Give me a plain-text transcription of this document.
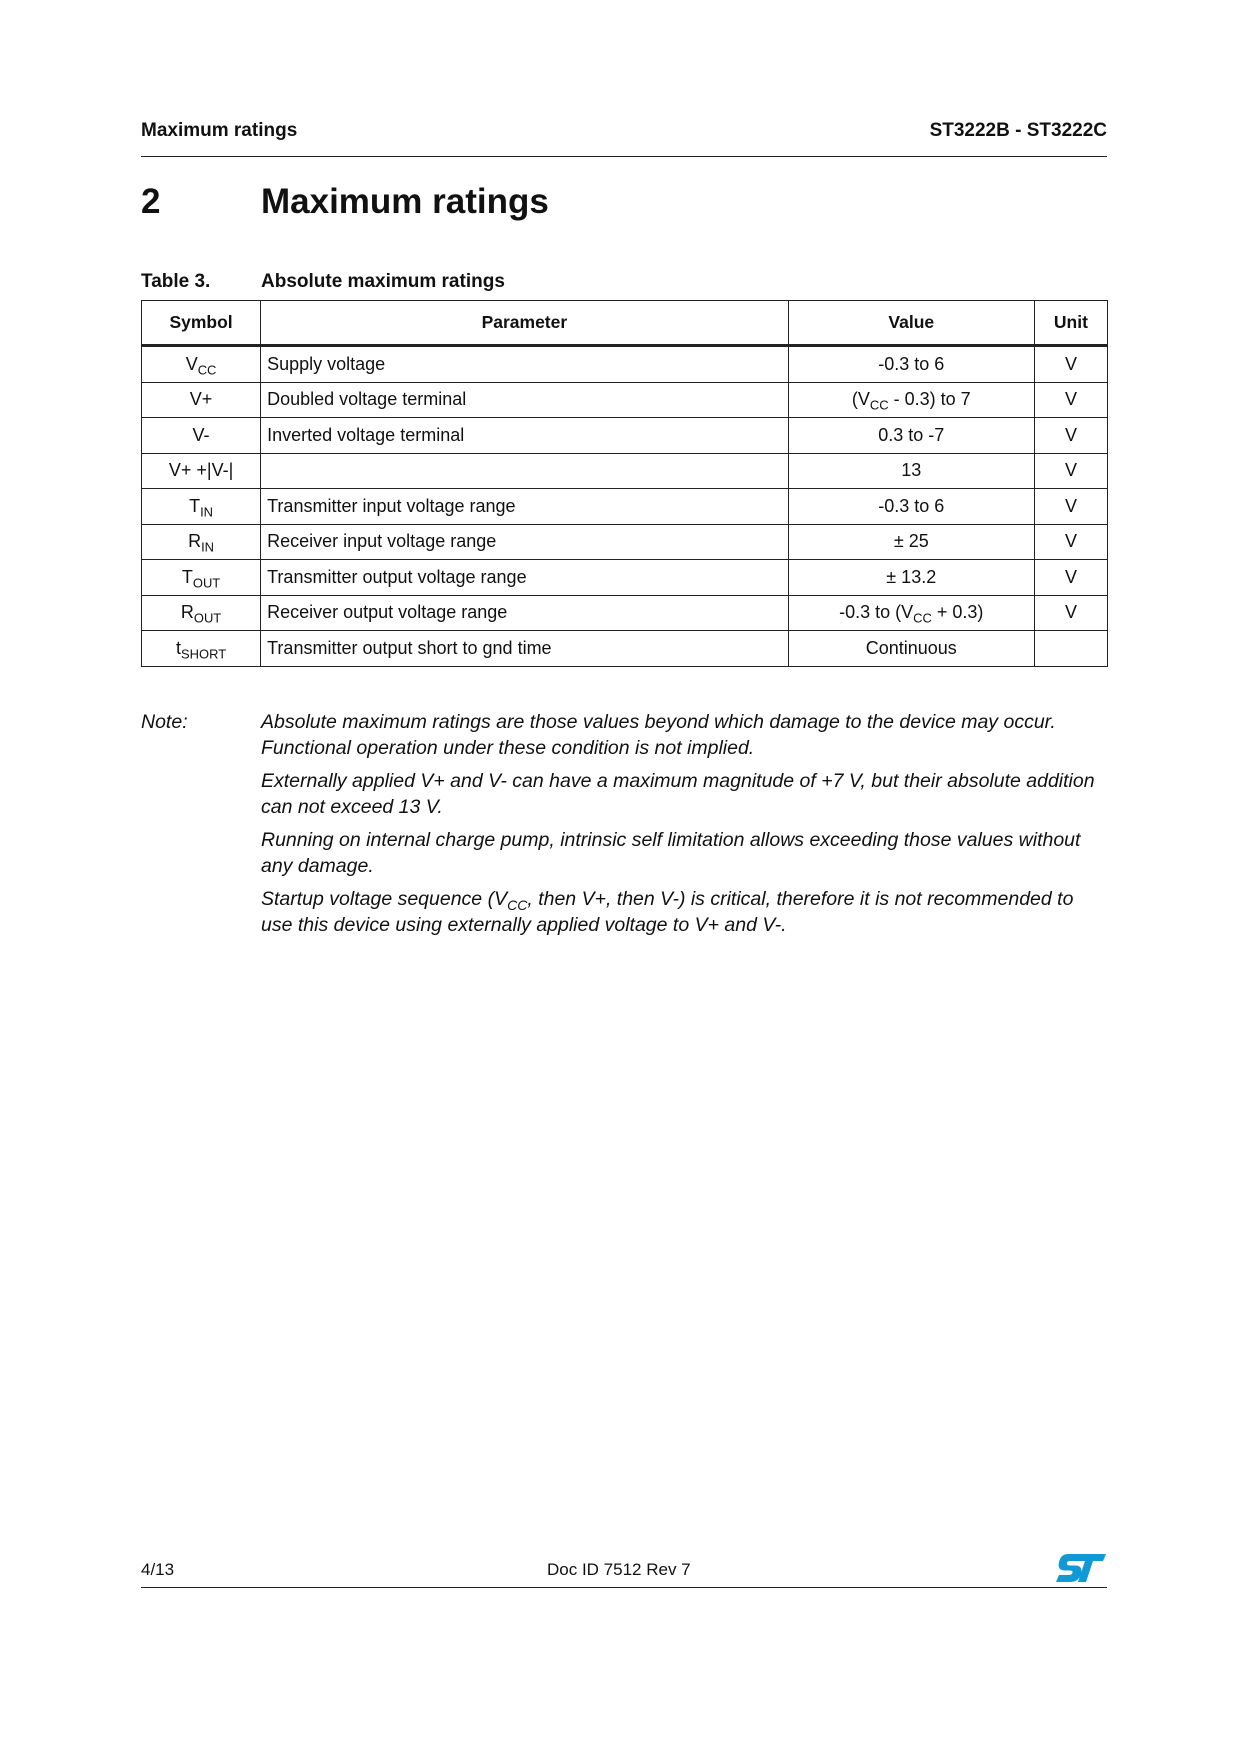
Maximum ratings	ST3222B - ST3222C
2	Maximum ratings
Table 3.	Absolute maximum ratings
Symbol	Parameter	Value	Unit
$V_{CC}$	Supply voltage	-0.3 to 6	V
V+	Doubled voltage terminal	$(V_{CC} - 0.3)$ to 7	V
V-	Inverted voltage terminal	0.3 to -7	V
V+ +|V-|		13	V
$T_{IN}$	Transmitter input voltage range	-0.3 to 6	V
$R_{IN}$	Receiver input voltage range	± 25	V
$T_{OUT}$	Transmitter output voltage range	± 13.2	V
$R_{OUT}$	Receiver output voltage range	-0.3 to $(V_{CC} + 0.3)$	V
$t_{SHORT}$	Transmitter output short to gnd time	Continuous	
Note:	Absolute maximum ratings are those values beyond which damage to the device may occur. Functional operation under these condition is not implied.

Externally applied V+ and V- can have a maximum magnitude of +7 V, but their absolute addition can not exceed 13 V.

Running on internal charge pump, intrinsic self limitation allows exceeding those values without any damage.

Startup voltage sequence ($V_{CC}$, then V+, then V-) is critical, therefore it is not recommended to use this device using externally applied voltage to V+ and V-.

4/13	Doc ID 7512 Rev 7
